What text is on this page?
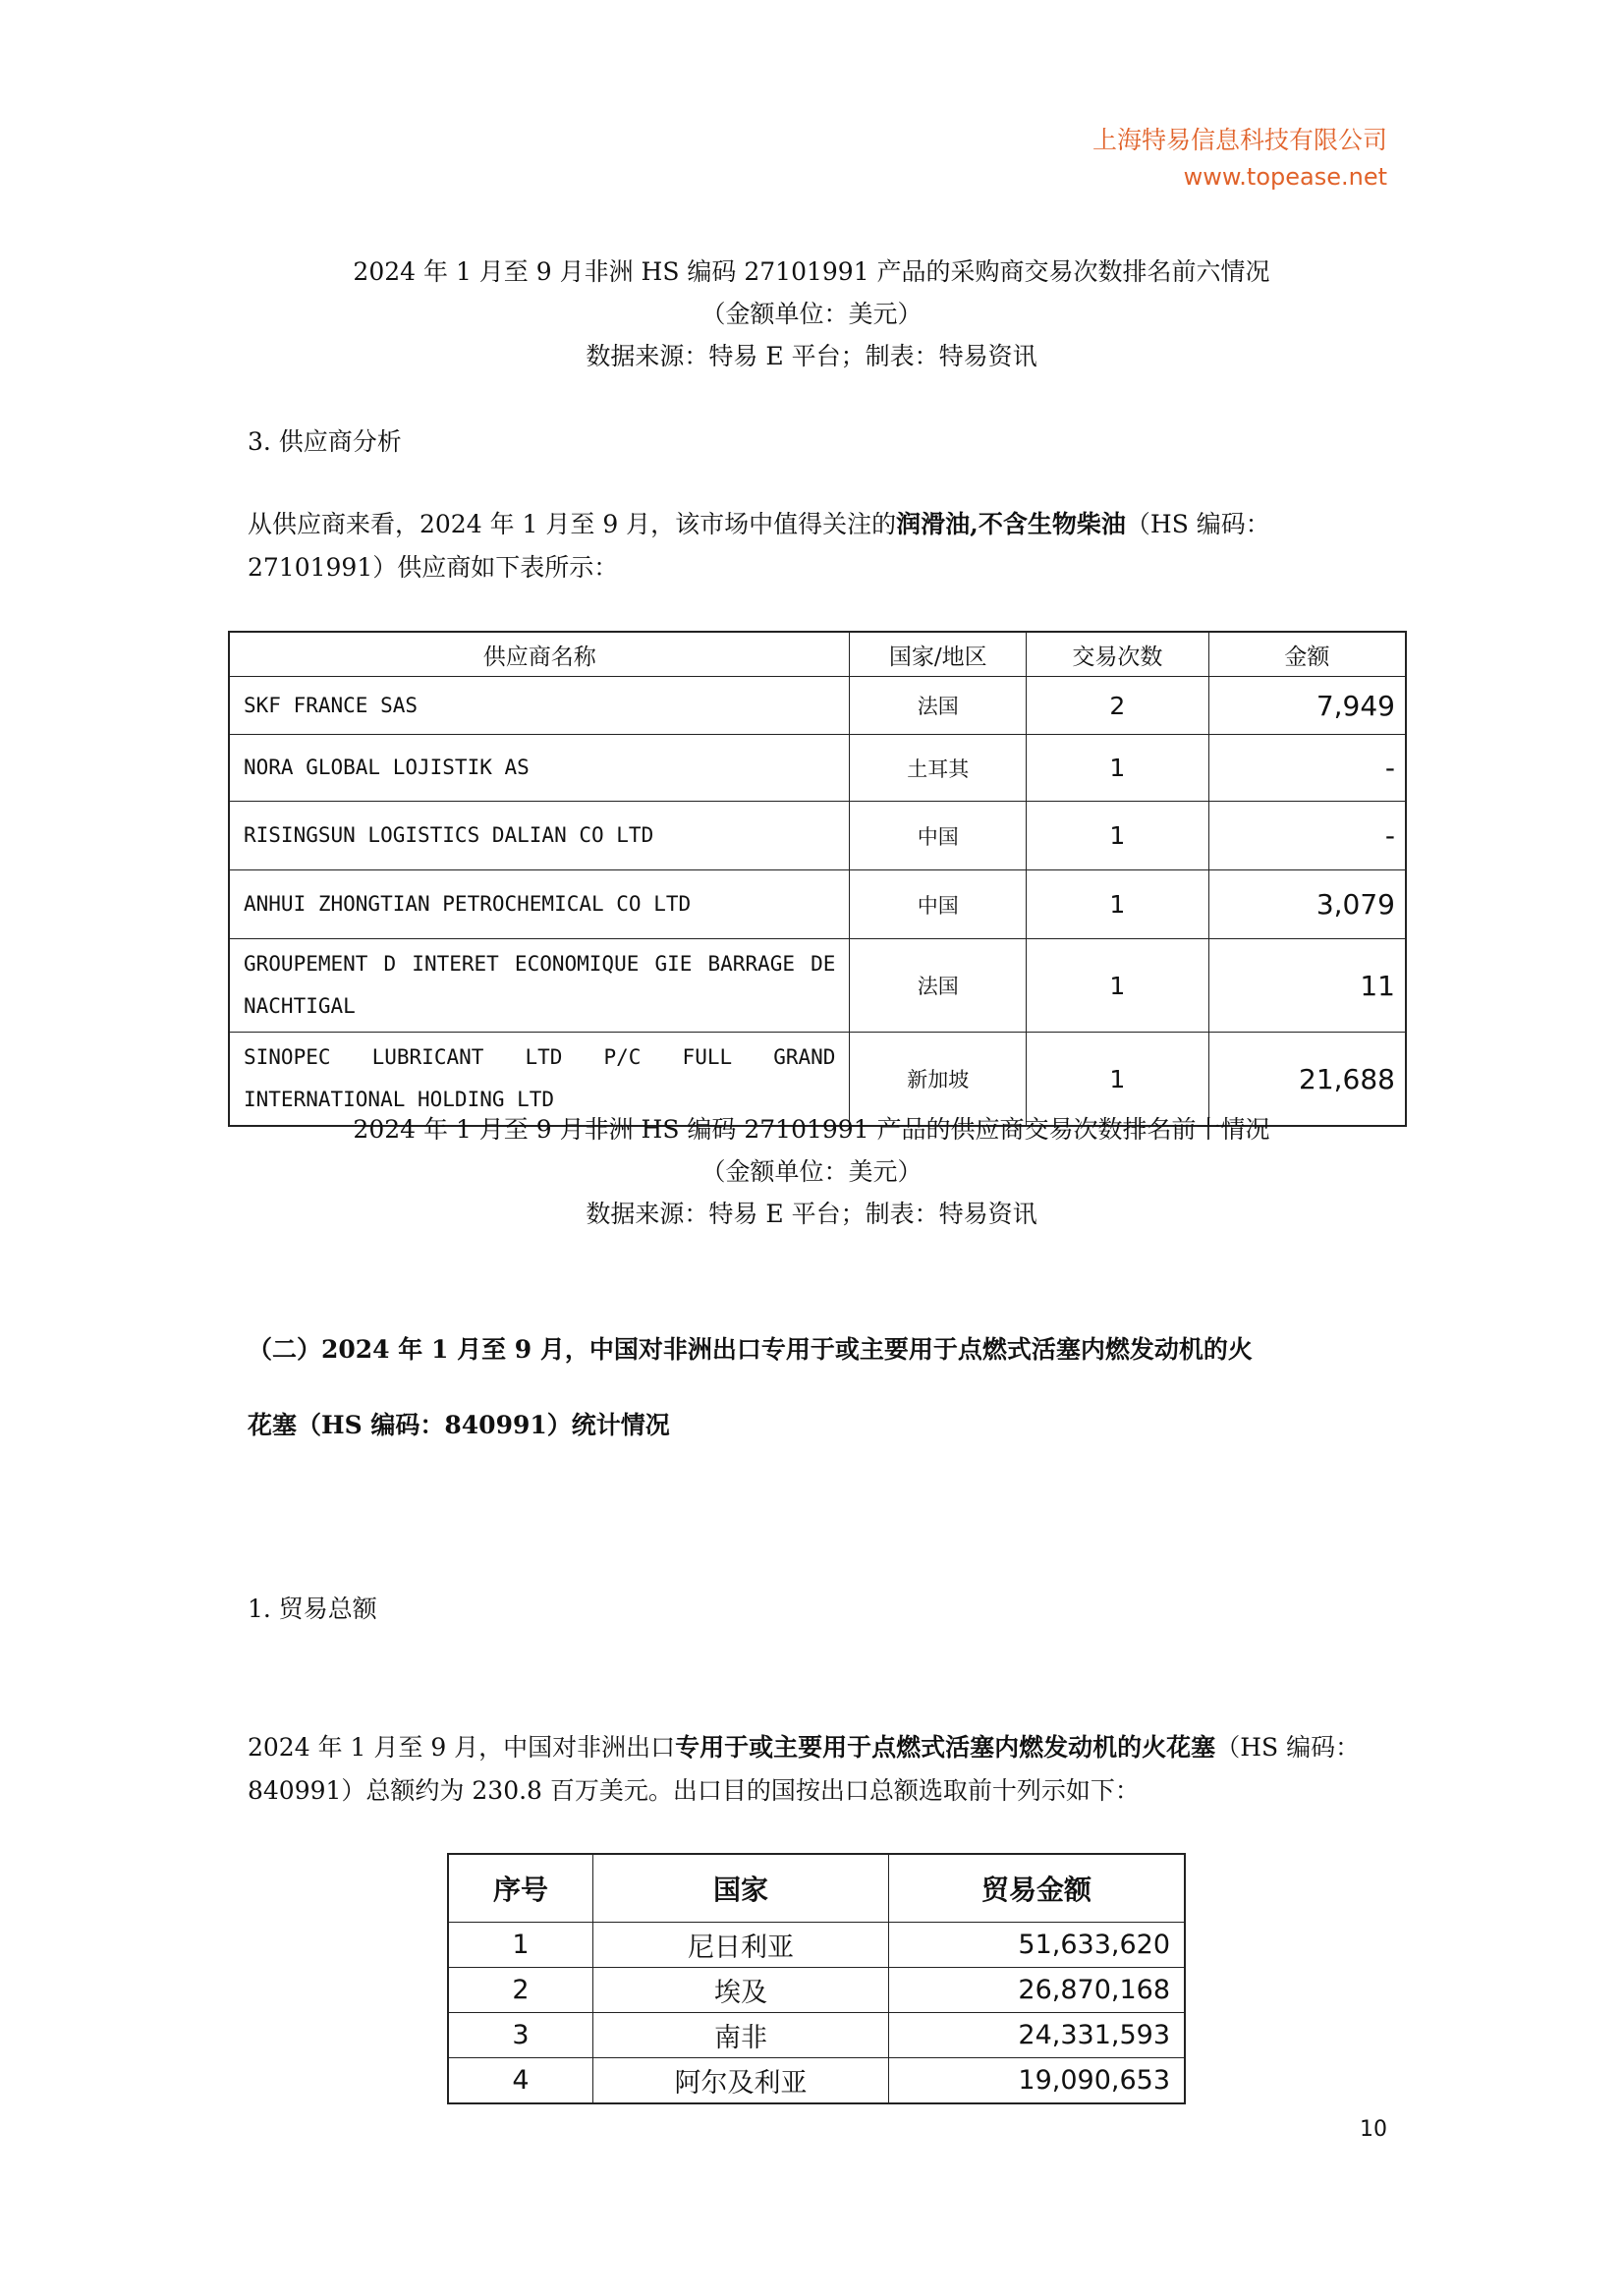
上海特易信息科技有限公司
www.topease.net
2024 年 1 月至 9 月非洲 HS 编码 27101991 产品的采购商交易次数排名前六情况
（金额单位：美元）
数据来源：特易 E 平台；制表：特易资讯
3. 供应商分析
从供应商来看，2024 年 1 月至 9 月，该市场中值得关注的润滑油,不含生物柴油（HS 编码：27101991）供应商如下表所示：
供应商名称	国家/地区	交易次数	金额
SKF FRANCE SAS	法国	2	7,949
NORA GLOBAL LOJISTIK AS	土耳其	1	-
RISINGSUN LOGISTICS DALIAN CO LTD	中国	1	-
ANHUI ZHONGTIAN PETROCHEMICAL CO LTD	中国	1	3,079
GROUPEMENT D INTERET ECONOMIQUE GIE BARRAGE DE NACHTIGAL	法国	1	11
SINOPEC LUBRICANT LTD P/C FULL GRAND INTERNATIONAL HOLDING LTD	新加坡	1	21,688
2024 年 1 月至 9 月非洲 HS 编码 27101991 产品的供应商交易次数排名前十情况
（金额单位：美元）
数据来源：特易 E 平台；制表：特易资讯
（二）2024 年 1 月至 9 月，中国对非洲出口专用于或主要用于点燃式活塞内燃发动机的火
花塞（HS 编码：840991）统计情况
1. 贸易总额
2024 年 1 月至 9 月，中国对非洲出口专用于或主要用于点燃式活塞内燃发动机的火花塞（HS 编码：840991）总额约为 230.8 百万美元。出口目的国按出口总额选取前十列示如下：
序号	国家	贸易金额
1	尼日利亚	51,633,620
2	埃及	26,870,168
3	南非	24,331,593
4	阿尔及利亚	19,090,653
10
